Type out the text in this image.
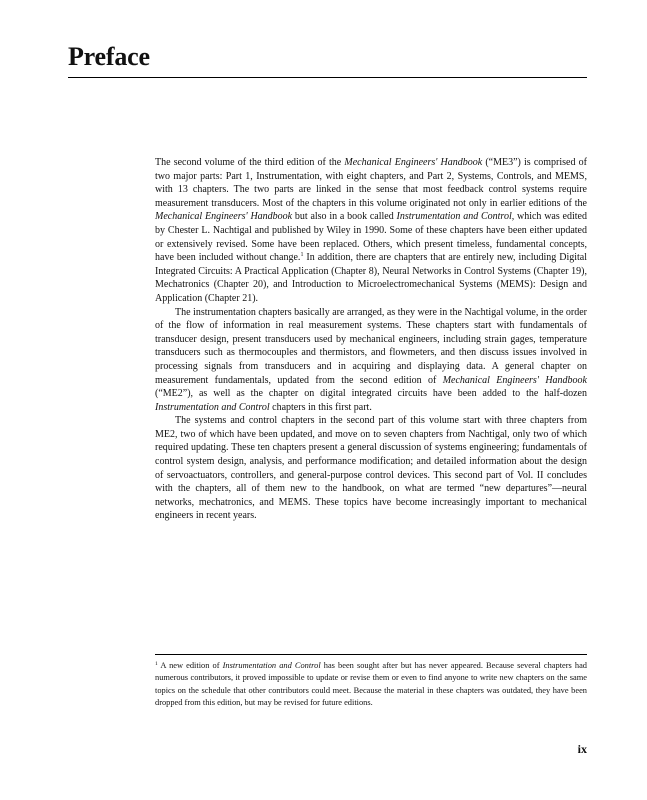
Preface

The second volume of the third edition of the Mechanical Engineers' Handbook (“ME3”) is comprised of two major parts: Part 1, Instrumentation, with eight chapters, and Part 2, Systems, Controls, and MEMS, with 13 chapters. The two parts are linked in the sense that most feedback control systems require measurement transducers. Most of the chapters in this volume originated not only in earlier editions of the Mechanical Engineers' Handbook but also in a book called Instrumentation and Control, which was edited by Chester L. Nachtigal and published by Wiley in 1990. Some of these chapters have been either updated or extensively revised. Some have been replaced. Others, which present timeless, fundamental concepts, have been included without change.$^1$ In addition, there are chapters that are entirely new, including Digital Integrated Circuits: A Practical Application (Chapter 8), Neural Networks in Control Systems (Chapter 19), Mechatronics (Chapter 20), and Introduction to Microelectromechanical Systems (MEMS): Design and Application (Chapter 21).

The instrumentation chapters basically are arranged, as they were in the Nachtigal volume, in the order of the flow of information in real measurement systems. These chapters start with fundamentals of transducer design, present transducers used by mechanical engineers, including strain gages, temperature transducers such as thermocouples and thermistors, and flowmeters, and then discuss issues involved in processing signals from transducers and in acquiring and displaying data. A general chapter on measurement fundamentals, updated from the second edition of Mechanical Engineers' Handbook (“ME2”), as well as the chapter on digital integrated circuits have been added to the half-dozen Instrumentation and Control chapters in this first part.

The systems and control chapters in the second part of this volume start with three chapters from ME2, two of which have been updated, and move on to seven chapters from Nachtigal, only two of which required updating. These ten chapters present a general discussion of systems engineering; fundamentals of control system design, analysis, and performance modification; and detailed information about the design of servoactuators, controllers, and general-purpose control devices. This second part of Vol. II concludes with the chapters, all of them new to the handbook, on what are termed “new departures”—neural networks, mechatronics, and MEMS. These topics have become increasingly important to mechanical engineers in recent years.

$^1$ A new edition of Instrumentation and Control has been sought after but has never appeared. Because several chapters had numerous contributors, it proved impossible to update or revise them or even to find anyone to write new chapters on the same topics on the schedule that other contributors could meet. Because the material in these chapters was outdated, they have been dropped from this edition, but may be revised for future editions.

ix
